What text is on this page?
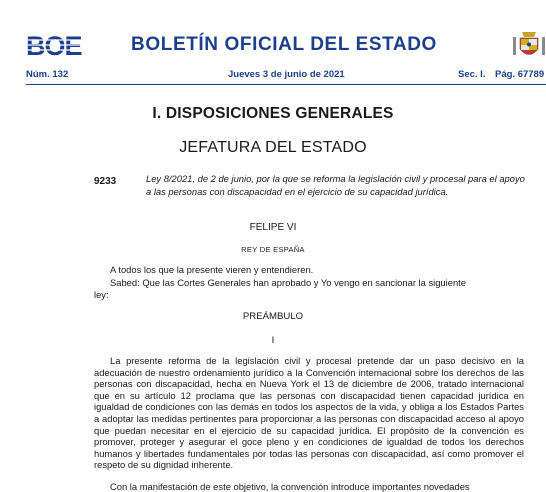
BOE	BOLETÍN OFICIAL DEL ESTADO
Núm. 132	Jueves 3 de junio de 2021	Sec. I. Pág. 67789
I. DISPOSICIONES GENERALES
JEFATURA DEL ESTADO
9233	Ley 8/2021, de 2 de junio, por la que se reforma la legislación civil y procesal para el apoyo a las personas con discapacidad en el ejercicio de su capacidad jurídica.
FELIPE VI
REY DE ESPAÑA
A todos los que la presente vieren y entendieren.
Sabed: Que las Cortes Generales han aprobado y Yo vengo en sancionar la siguiente
ley:
PREÁMBULO
I
La presente reforma de la legislación civil y procesal pretende dar un paso decisivo en la adecuación de nuestro ordenamiento jurídico a la Convención internacional sobre los derechos de las personas con discapacidad, hecha en Nueva York el 13 de diciembre de 2006, tratado internacional que en su artículo 12 proclama que las personas con discapacidad tienen capacidad jurídica en igualdad de condiciones con las demás en todos los aspectos de la vida, y obliga a los Estados Partes a adoptar las medidas pertinentes para proporcionar a las personas con discapacidad acceso al apoyo que puedan necesitar en el ejercicio de su capacidad jurídica. El propósito de la convención es promover, proteger y asegurar el goce pleno y en condiciones de igualdad de todos los derechos humanos y libertades fundamentales por todas las personas con discapacidad, así como promover el respeto de su dignidad inherente.
Con la manifestación de este objetivo, la convención introduce importantes novedades
